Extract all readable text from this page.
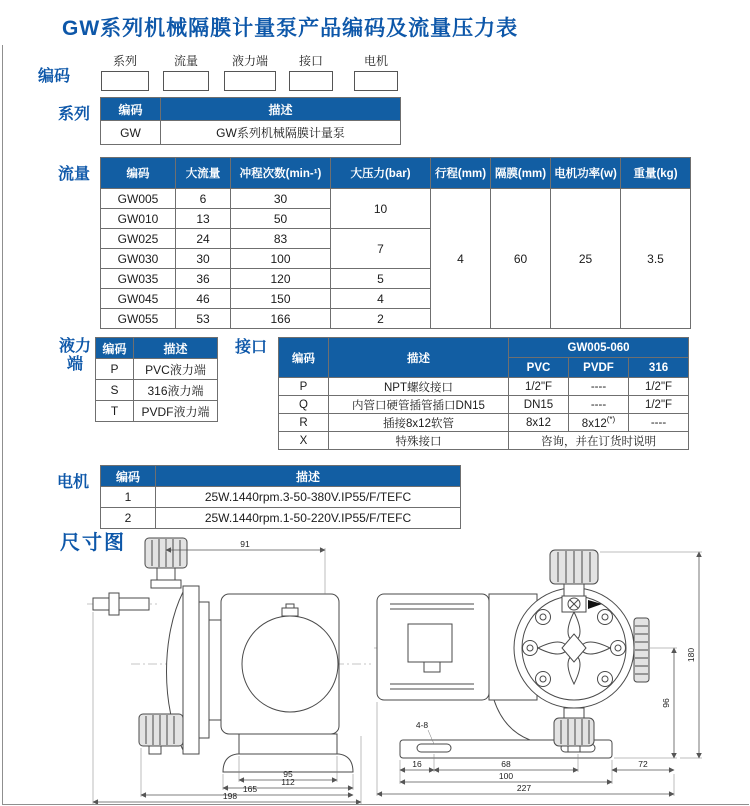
GW系列机械隔膜计量泵产品编码及流量压力表
编码
系列	流量	液力端	接口	电机
系列 编码	描述
GW	GW系列机械隔膜计量泵
流量	编码	大流量	冲程次数(min-¹)	大压力(bar)	行程(mm)	隔膜(mm)	电机功率(w)	重量(kg)
GW005	6	30	10	4	60	25	3.5
GW010	13	50					
GW025	24	83	7				
GW030	30	100					
GW035	36	120	5				
GW045	46	150	4				
GW055	53	166	2				
液力
端
编码	描述
P	PVC液力端
S	316液力端
T	PVDF液力端
接口
编码	描述	GW005-060		
		PVC	PVDF	316
P	NPT螺纹接口	1/2"F	----	1/2"F
Q	内管口硬管插管插口DN15	DN15	----	1/2"F
R	插接8x12软管	8x12	8x12(*)	----
X	特殊接口	咨询，并在订货时说明		
电机 编码	描述
1	25W.1440rpm.3-50-380V.IP55/F/TEFC
2	25W.1440rpm.1-50-220V.IP55/F/TEFC
尺寸图	91
95
112
165
198
4-8
96
180
16	68	72
100
227
